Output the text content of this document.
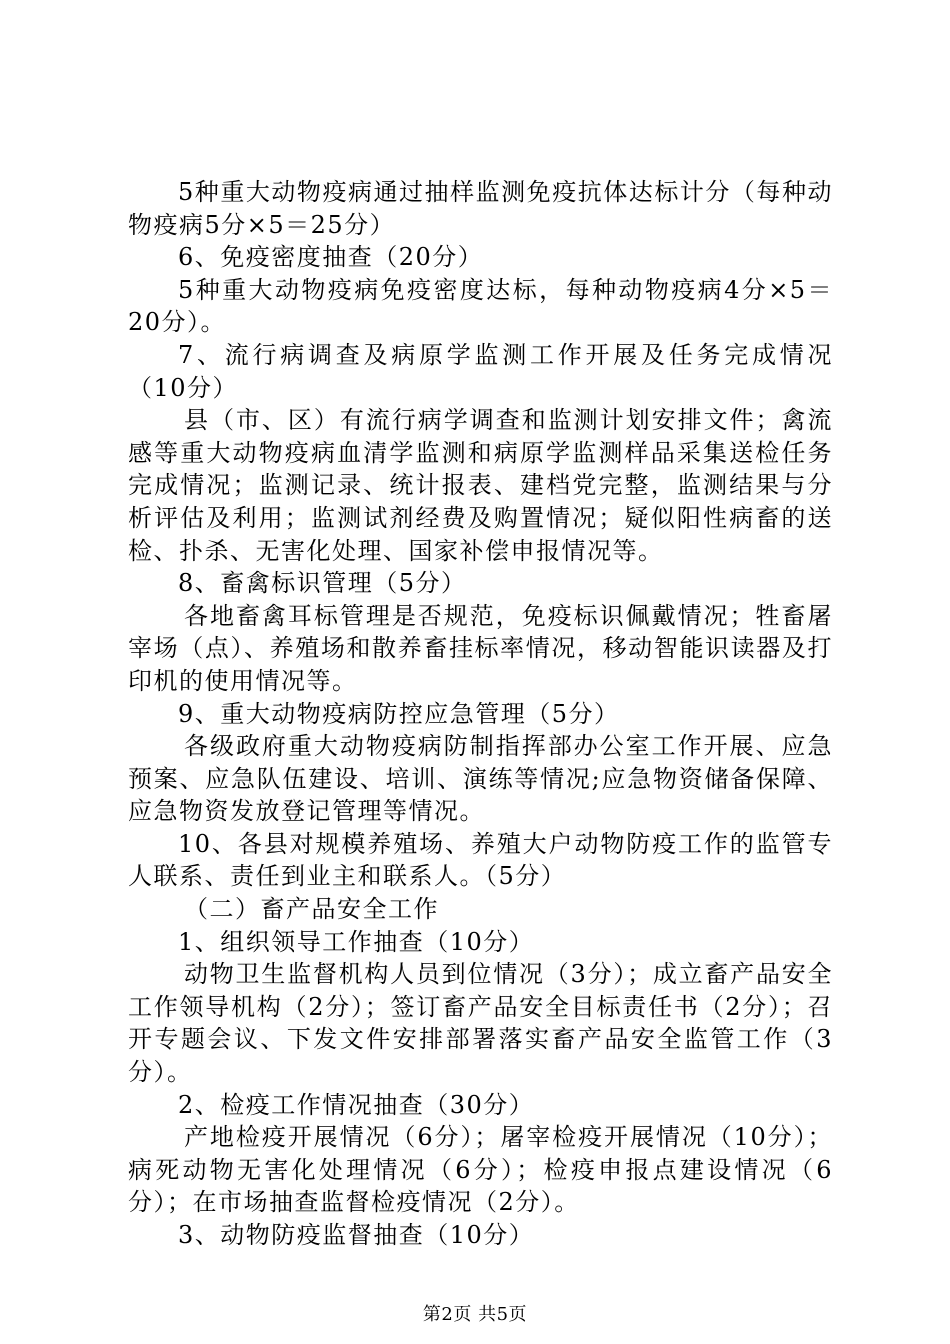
5种重大动物疫病通过抽样监测免疫抗体达标计分（每种动物疫病5分×5＝25分）

6、免疫密度抽查（20分）

5种重大动物疫病免疫密度达标，每种动物疫病4分×5＝20分）。

7、流行病调查及病原学监测工作开展及任务完成情况（10分）

县（市、区）有流行病学调查和监测计划安排文件；禽流感等重大动物疫病血清学监测和病原学监测样品采集送检任务完成情况；监测记录、统计报表、建档党完整，监测结果与分析评估及利用；监测试剂经费及购置情况；疑似阳性病畜的送检、扑杀、无害化处理、国家补偿申报情况等。

8、畜禽标识管理（5分）

各地畜禽耳标管理是否规范，免疫标识佩戴情况；牲畜屠宰场（点）、养殖场和散养畜挂标率情况，移动智能识读器及打印机的使用情况等。

9、重大动物疫病防控应急管理（5分）

各级政府重大动物疫病防制指挥部办公室工作开展、应急预案、应急队伍建设、培训、演练等情况;应急物资储备保障、应急物资发放登记管理等情况。

10、各县对规模养殖场、养殖大户动物防疫工作的监管专人联系、责任到业主和联系人。（5分）

（二）畜产品安全工作

1、组织领导工作抽查（10分）

动物卫生监督机构人员到位情况（3分）；成立畜产品安全工作领导机构（2分）；签订畜产品安全目标责任书（2分）；召开专题会议、下发文件安排部署落实畜产品安全监管工作（3分）。

2、检疫工作情况抽查（30分）

产地检疫开展情况（6分）；屠宰检疫开展情况（10分）；病死动物无害化处理情况（6分）；检疫申报点建设情况（6分）；在市场抽查监督检疫情况（2分）。

3、动物防疫监督抽查（10分）

第2页 共5页
